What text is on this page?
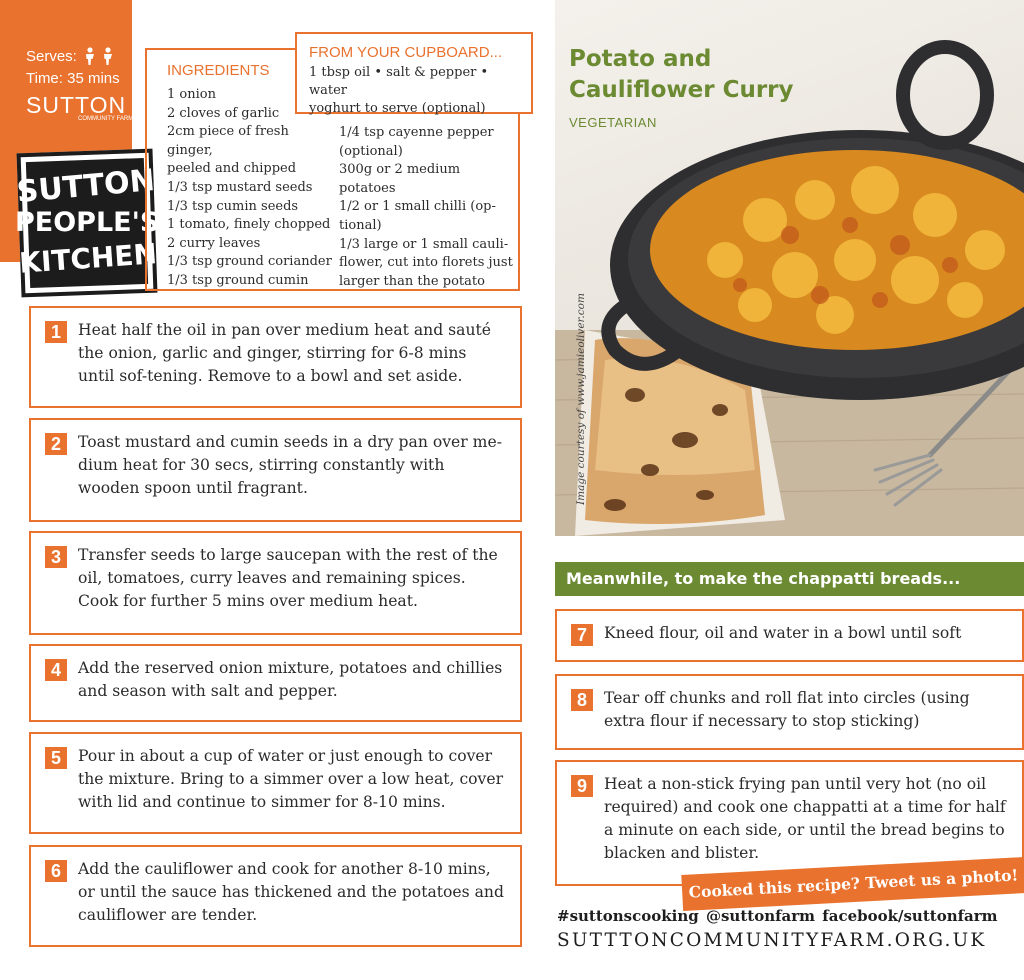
Serves:
Time: 35 mins
SUTTON
COMMUNITY FARM
SUTTON
PEOPLE'S
KITCHEN
INGREDIENTS
1 onion
2 cloves of garlic
2cm piece of fresh ginger,
peeled and chipped
1/3 tsp mustard seeds
1/3 tsp cumin seeds
1 tomato, finely chopped
2 curry leaves
1/3 tsp ground coriander
1/3 tsp ground cumin
1/4 tsp cayenne pepper
(optional)
300g or 2 medium potatoes
1/2 or 1 small chilli (op-
tional)
1/3 large or 1 small cauli-
flower, cut into florets just
larger than the potato
FROM YOUR CUPBOARD...
1 tbsp oil • salt & pepper • water
yoghurt to serve (optional)
1	Heat half the oil in pan over medium heat and sauté the onion, garlic and ginger, stirring for 6-8 mins until sof-tening. Remove to a bowl and set aside.
2	Toast mustard and cumin seeds in a dry pan over me-dium heat for 30 secs, stirring constantly with wooden spoon until fragrant.
3	Transfer seeds to large saucepan with the rest of the oil, tomatoes, curry leaves and remaining spices. Cook for further 5 mins over medium heat.
4	Add the reserved onion mixture, potatoes and chillies and season with salt and pepper.
5	Pour in about a cup of water or just enough to cover the mixture. Bring to a simmer over a low heat, cover with lid and continue to simmer for 8-10 mins.
6	Add the cauliflower and cook for another 8-10 mins, or until the sauce has thickened and the potatoes and cauliflower are tender.
Potato and
Cauliflower Curry
VEGETARIAN
Image courtesy of www.jamieoliver.com
Meanwhile, to make the chappatti breads...
7	Kneed flour, oil and water in a bowl until soft
8	Tear off chunks and roll flat into circles (using extra flour if necessary to stop sticking)
9	Heat a non-stick frying pan until very hot (no oil required) and cook one chappatti at a time for half a minute on each side, or until the bread begins to blacken and blister.
Cooked this recipe? Tweet us a photo!
#suttonscooking @suttonfarm facebook/suttonfarm
SUTTTONCOMMUNITYFARM.ORG.UK
